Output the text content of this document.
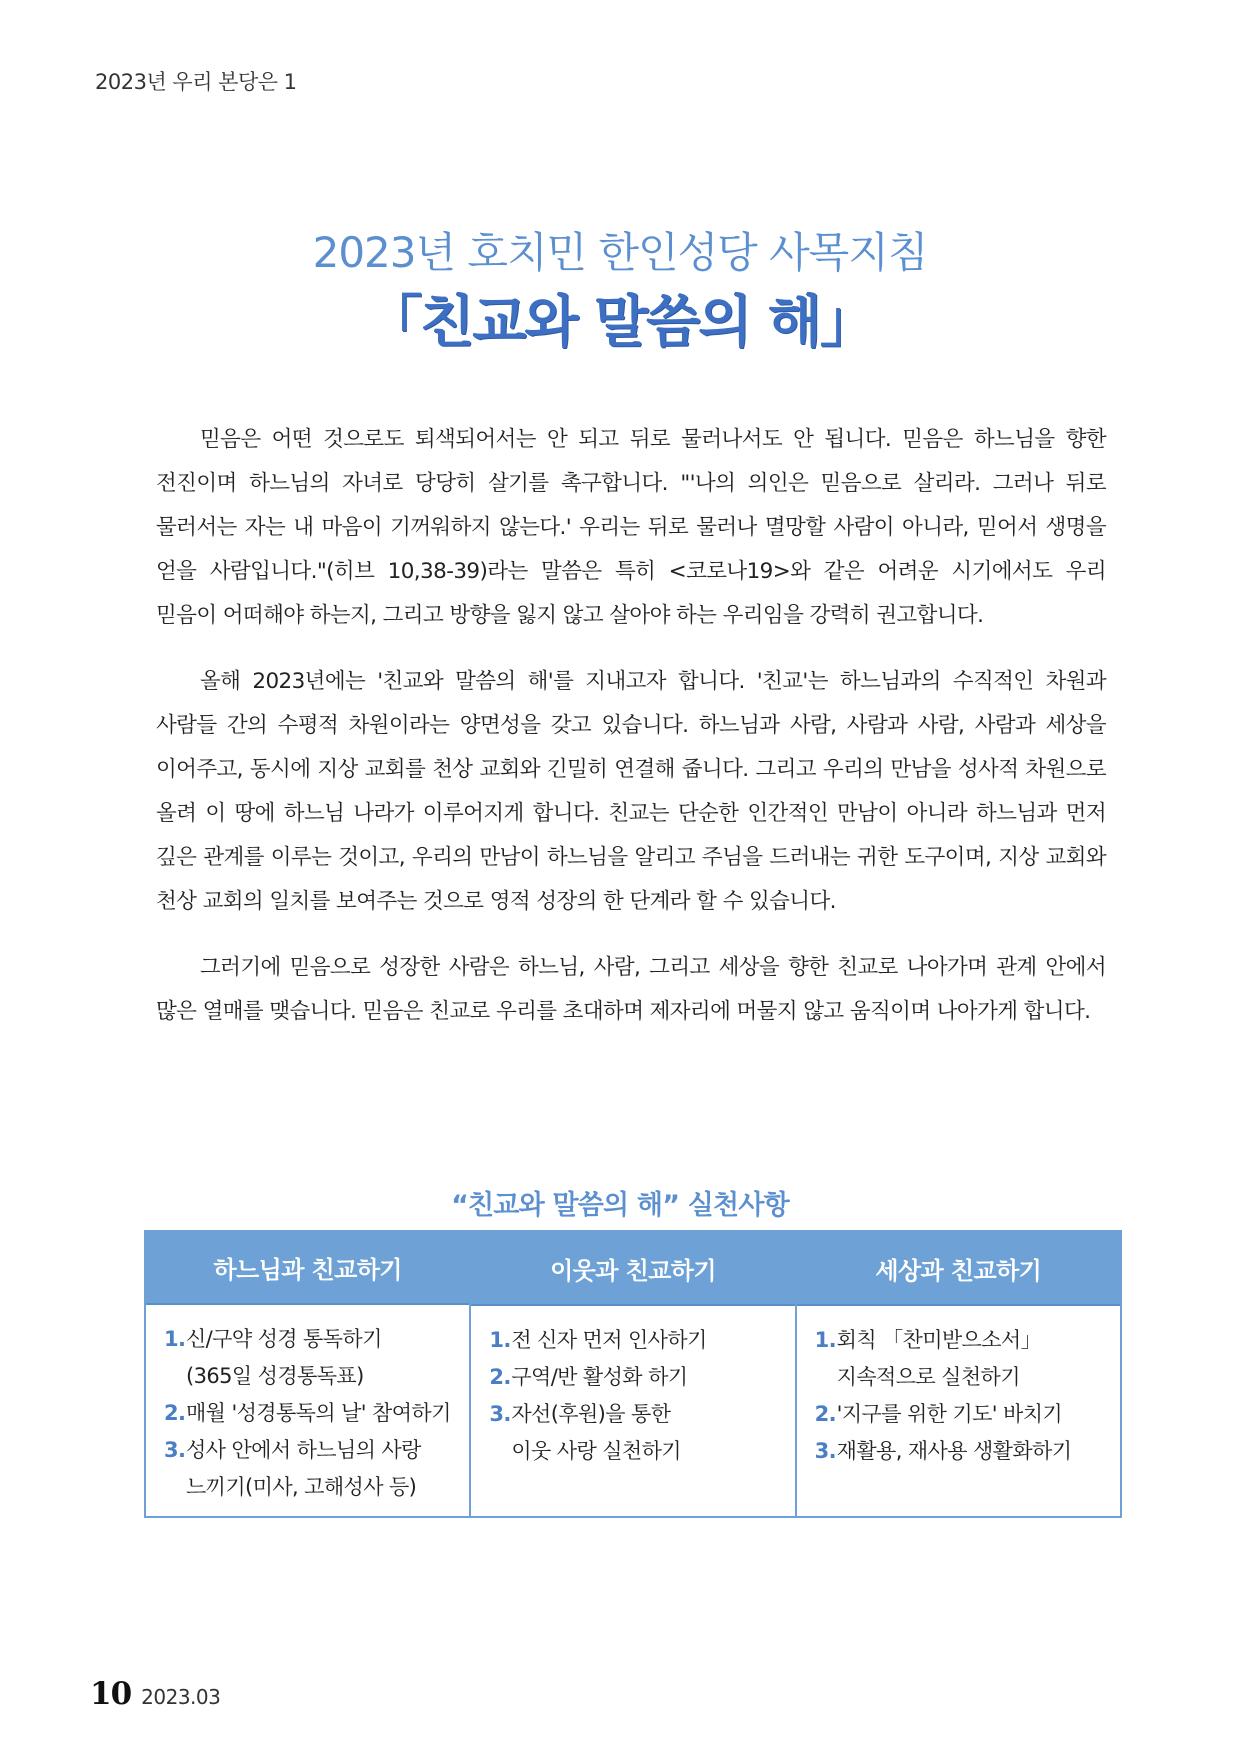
2023년 우리 본당은 1
2023년 호치민 한인성당 사목지침
「친교와 말씀의 해」

믿음은 어떤 것으로도 퇴색되어서는 안 되고 뒤로 물러나서도 안 됩니다. 믿음은 하느님을 향한 전진이며 하느님의 자녀로 당당히 살기를 촉구합니다. "'나의 의인은 믿음으로 살리라. 그러나 뒤로 물러서는 자는 내 마음이 기꺼워하지 않는다.' 우리는 뒤로 물러나 멸망할 사람이 아니라, 믿어서 생명을 얻을 사람입니다."(히브 10,38-39)라는 말씀은 특히 <코로나19>와 같은 어려운 시기에서도 우리 믿음이 어떠해야 하는지, 그리고 방향을 잃지 않고 살아야 하는 우리임을 강력히 권고합니다.

올해 2023년에는 '친교와 말씀의 해'를 지내고자 합니다. '친교'는 하느님과의 수직적인 차원과 사람들 간의 수평적 차원이라는 양면성을 갖고 있습니다. 하느님과 사람, 사람과 사람, 사람과 세상을 이어주고, 동시에 지상 교회를 천상 교회와 긴밀히 연결해 줍니다. 그리고 우리의 만남을 성사적 차원으로 올려 이 땅에 하느님 나라가 이루어지게 합니다. 친교는 단순한 인간적인 만남이 아니라 하느님과 먼저 깊은 관계를 이루는 것이고, 우리의 만남이 하느님을 알리고 주님을 드러내는 귀한 도구이며, 지상 교회와 천상 교회의 일치를 보여주는 것으로 영적 성장의 한 단계라 할 수 있습니다.

그러기에 믿음으로 성장한 사람은 하느님, 사람, 그리고 세상을 향한 친교로 나아가며 관계 안에서 많은 열매를 맺습니다. 믿음은 친교로 우리를 초대하며 제자리에 머물지 않고 움직이며 나아가게 합니다.

“친교와 말씀의 해” 실천사항
하느님과 친교하기
1. 신/구약 성경 통독하기
(365일 성경통독표)
2. 매월 '성경통독의 날' 참여하기
3. 성사 안에서 하느님의 사랑
느끼기(미사, 고해성사 등)
이웃과 친교하기
1. 전 신자 먼저 인사하기
2. 구역/반 활성화 하기
3. 자선(후원)을 통한
이웃 사랑 실천하기
세상과 친교하기
1. 회칙 「찬미받으소서」
지속적으로 실천하기
2. '지구를 위한 기도' 바치기
3. 재활용, 재사용 생활화하기
10 2023.03
